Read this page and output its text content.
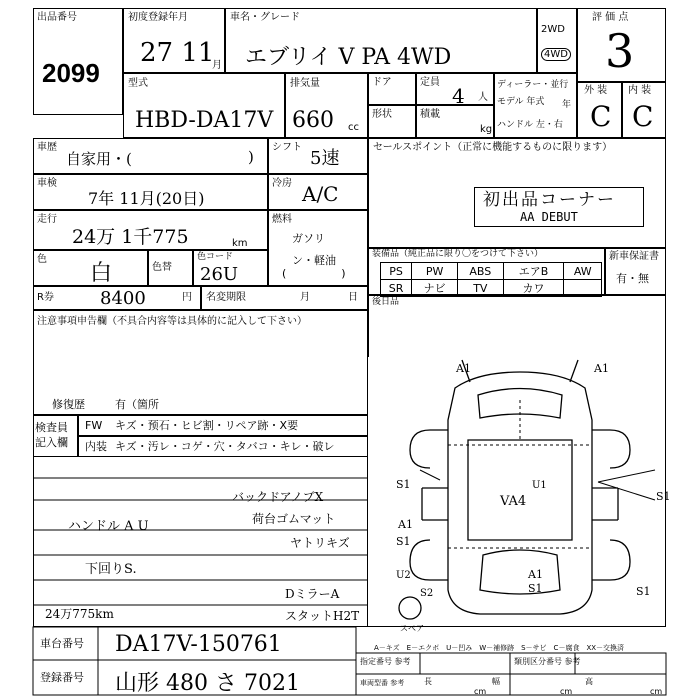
出品番号
2099
初度登録年月
27 11
月
車名・グレード
エブリイ V PA 4WD
2WD
4WD
評 価 点
3
型式
HBD-DA17V
排気量
660 cc
ドア
形状
定員
4 人
積載
kg
ディーラー・並行
モデル 年式 年
ハンドル 左・右
外 装
C
内 装
C
車歴
自家用・(	)
シフト
5速
車検
7年 11月(20日)
冷房 A/C
走行
24万 1千775	km
燃料
ガソリン・軽油
(　　　　　)
色
白	色替
色コード
26U
R券	8400	円 名変期限	月	日
セールスポイント（正常に機能するものに限ります）
初出品コーナー
AA DEBUT
装備品（純正品に限り〇をつけて下さい）
PS	PW	ABS	エアB	AW
SR	ナビ	TV	カワ	
新車保証書
有・無
後日品
注意事項申告欄（不具合内容等は具体的に記入して下さい）
修復歴	有（箇所
検査員
記入欄
FW キズ・预石・ヒビ割・リペア跡・X要
内装 キズ・汚レ・コゲ・穴・タバコ・キレ・破レ
バックドアノブX
荷台ゴムマット
ヤトリキズ
ハンドル A U
下回りS.
DミラーA
24万775km	スタットH2T
A1	A1
S1
S1
A1
U1
VA4
A1
S1
S1
U2
S2	S1
スペア
A－キズ　E－エクボ　U－凹み　W－補修跡　S－サビ　C－腐食　XX－交換済
車台番号 DA17V-150761
登録番号 山形 480 さ 7021
指定番号 参考	類別区分番号 参考
長
cm
幅
cm
高
cm
車両型番 参考
